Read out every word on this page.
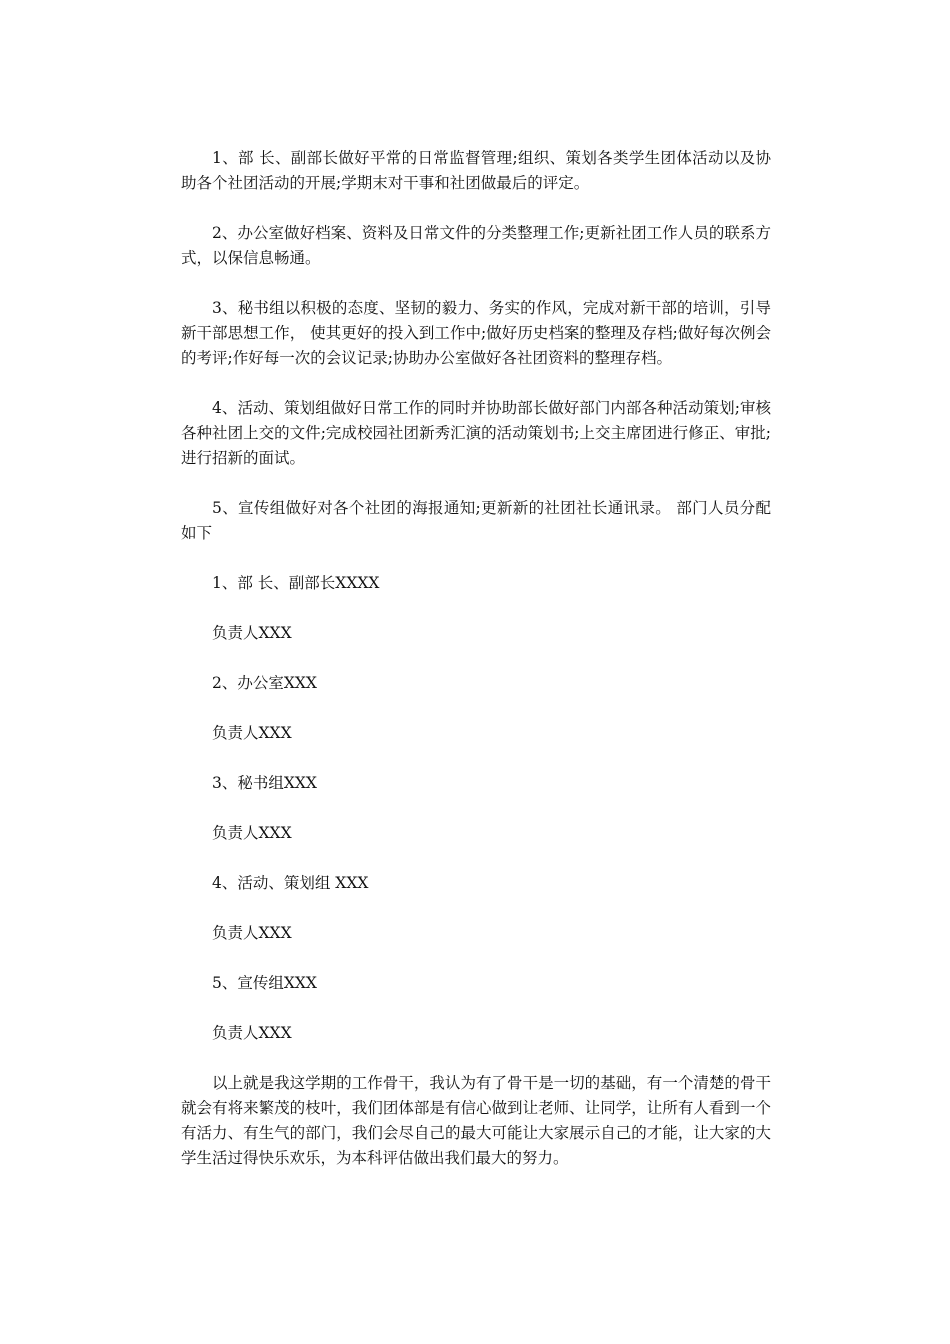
1、部 长、副部长做好平常的日常监督管理;组织、策划各类学生团体活动以及协助各个社团活动的开展;学期末对干事和社团做最后的评定。

2、办公室做好档案、资料及日常文件的分类整理工作;更新社团工作人员的联系方式，以保信息畅通。

3、秘书组以积极的态度、坚韧的毅力、务实的作风，完成对新干部的培训，引导新干部思想工作， 使其更好的投入到工作中;做好历史档案的整理及存档;做好每次例会的考评;作好每一次的会议记录;协助办公室做好各社团资料的整理存档。

4、活动、策划组做好日常工作的同时并协助部长做好部门内部各种活动策划;审核各种社团上交的文件;完成校园社团新秀汇演的活动策划书;上交主席团进行修正、审批;进行招新的面试。

5、宣传组做好对各个社团的海报通知;更新新的社团社长通讯录。 部门人员分配如下

1、部 长、副部长XXXX

负责人XXX

2、办公室XXX

负责人XXX

3、秘书组XXX

负责人XXX

4、活动、策划组 XXX

负责人XXX

5、宣传组XXX

负责人XXX

以上就是我这学期的工作骨干，我认为有了骨干是一切的基础，有一个清楚的骨干就会有将来繁茂的枝叶，我们团体部是有信心做到让老师、让同学，让所有人看到一个有活力、有生气的部门，我们会尽自己的最大可能让大家展示自己的才能，让大家的大学生活过得快乐欢乐，为本科评估做出我们最大的努力。
